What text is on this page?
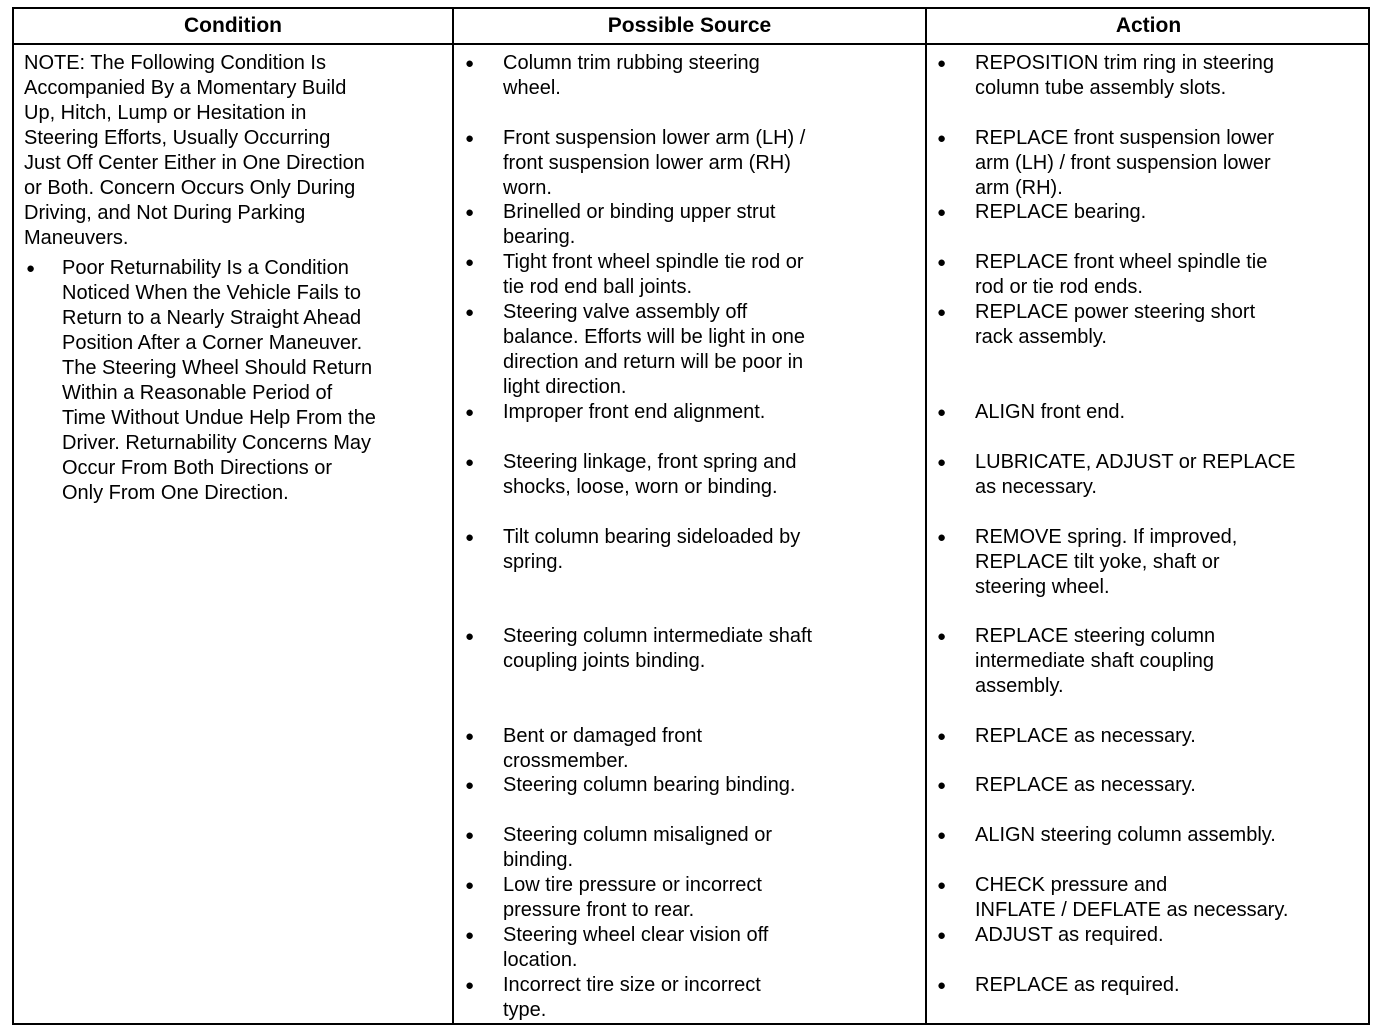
Condition	Possible Source	Action
NOTE: The Following Condition Is
Accompanied By a Momentary Build
Up, Hitch, Lump or Hesitation in
Steering Efforts, Usually Occurring
Just Off Center Either in One Direction
or Both. Concern Occurs Only During
Driving, and Not During Parking
Maneuvers.
● Poor Returnability Is a Condition
Noticed When the Vehicle Fails to
Return to a Nearly Straight Ahead
Position After a Corner Maneuver.
The Steering Wheel Should Return
Within a Reasonable Period of
Time Without Undue Help From the
Driver. Returnability Concerns May
Occur From Both Directions or
Only From One Direction.
● Column trim rubbing steering
wheel.
● Front suspension lower arm (LH) /
front suspension lower arm (RH)
worn.
● Brinelled or binding upper strut
bearing.
● Tight front wheel spindle tie rod or
tie rod end ball joints.
● Steering valve assembly off
balance. Efforts will be light in one
direction and return will be poor in
light direction.
● Improper front end alignment.
● Steering linkage, front spring and
shocks, loose, worn or binding.
● Tilt column bearing sideloaded by
spring.
● Steering column intermediate shaft
coupling joints binding.
● Bent or damaged front
crossmember.
● Steering column bearing binding.
● Steering column misaligned or
binding.
● Low tire pressure or incorrect
pressure front to rear.
● Steering wheel clear vision off
location.
● Incorrect tire size or incorrect
type.
● REPOSITION trim ring in steering
column tube assembly slots.
● REPLACE front suspension lower
arm (LH) / front suspension lower
arm (RH).
● REPLACE bearing.
● REPLACE front wheel spindle tie
rod or tie rod ends.
● REPLACE power steering short
rack assembly.
● ALIGN front end.
● LUBRICATE, ADJUST or REPLACE
as necessary.
● REMOVE spring. If improved,
REPLACE tilt yoke, shaft or
steering wheel.
● REPLACE steering column
intermediate shaft coupling
assembly.
● REPLACE as necessary.
● REPLACE as necessary.
● ALIGN steering column assembly.
● CHECK pressure and
INFLATE / DEFLATE as necessary.
● ADJUST as required.
● REPLACE as required.
